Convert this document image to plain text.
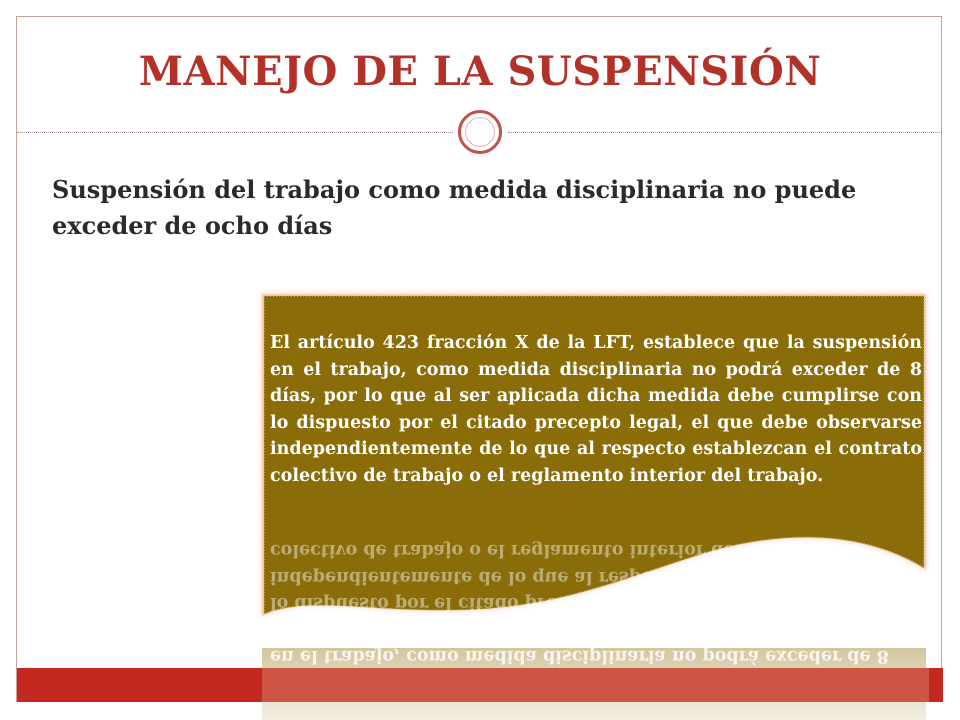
MANEJO DE LA SUSPENSIÓN

Suspensión del trabajo como medida disciplinaria no puede exceder de ocho días

El artículo 423 fracción X de la LFT, establece que la suspensión en el trabajo, como medida disciplinaria no podrá exceder de 8 días, por lo que al ser aplicada dicha medida debe cumplirse con lo dispuesto por el citado precepto legal, el que debe observarse independientemente de lo que al respecto establezcan el contrato colectivo de trabajo o el reglamento interior del trabajo.

en el trabajo, como medida disciplinaria no podrá exceder de 8 días, por lo que al ser aplicada dicha medida debe cumplirse con lo dispuesto por el citado precepto legal, el que debe observarse independientemente de lo que al respecto establezcan el contrato colectivo de trabajo o el reglamento interior del trabajo.
